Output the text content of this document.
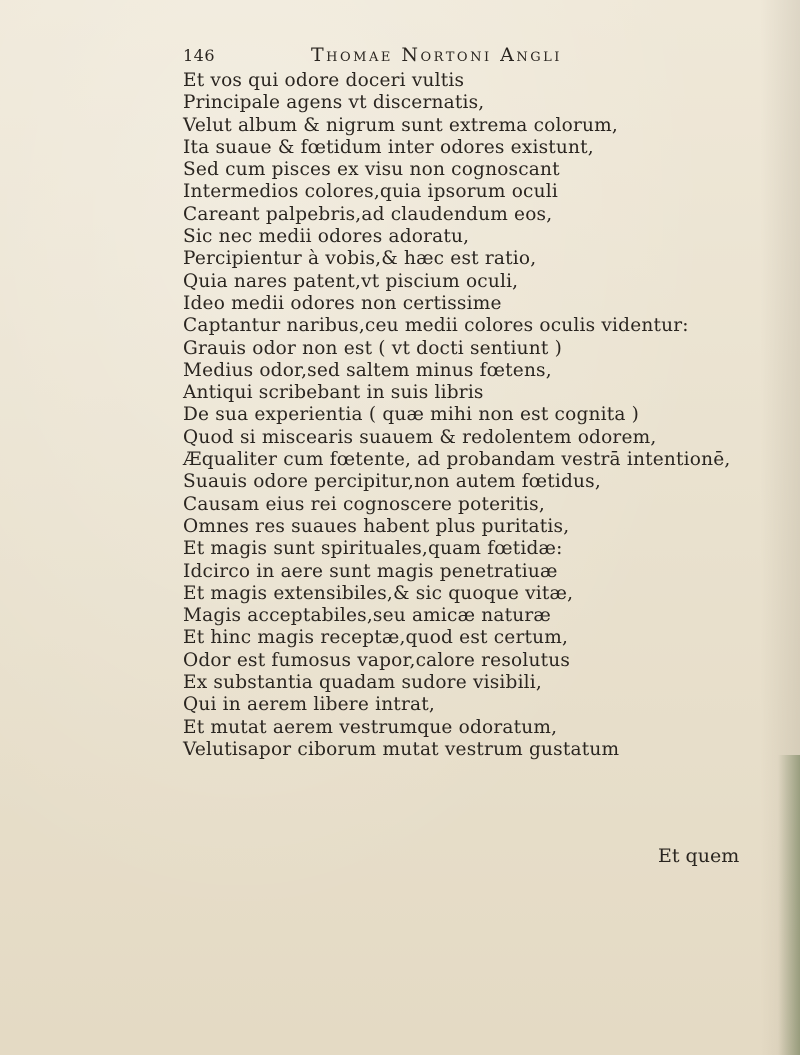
146	Thomae Nortoni Angli
Et vos qui odore doceri vultis
Principale agens vt discernatis,
Velut album & nigrum sunt extrema colorum,
Ita suaue & fœtidum inter odores existunt,
Sed cum pisces ex visu non cognoscant
Intermedios colores,quia ipsorum oculi
Careant palpebris,ad claudendum eos,
Sic nec medii odores adoratu,
Percipientur à vobis,& hæc est ratio,
Quia nares patent,vt piscium oculi,
Ideo medii odores non certissime
Captantur naribus,ceu medii colores oculis videntur:
Grauis odor non est ( vt docti sentiunt )
Medius odor,sed saltem minus fœtens,
Antiqui scribebant in suis libris
De sua experientia ( quæ mihi non est cognita )
Quod si miscearis suauem & redolentem odorem,
Æqualiter cum fœtente, ad probandam vestrā intentionē,
Suauis odore percipitur,non autem fœtidus,
Causam eius rei cognoscere poteritis,
Omnes res suaues habent plus puritatis,
Et magis sunt spirituales,quam fœtidæ:
Idcirco in aere sunt magis penetratiuæ
Et magis extensibiles,& sic quoque vitæ,
Magis acceptabiles,seu amicæ naturæ
Et hinc magis receptæ,quod est certum,
Odor est fumosus vapor,calore resolutus
Ex substantia quadam sudore visibili,
Qui in aerem libere intrat,
Et mutat aerem vestrumque odoratum,
Velutisapor ciborum mutat vestrum gustatum
Et quem
